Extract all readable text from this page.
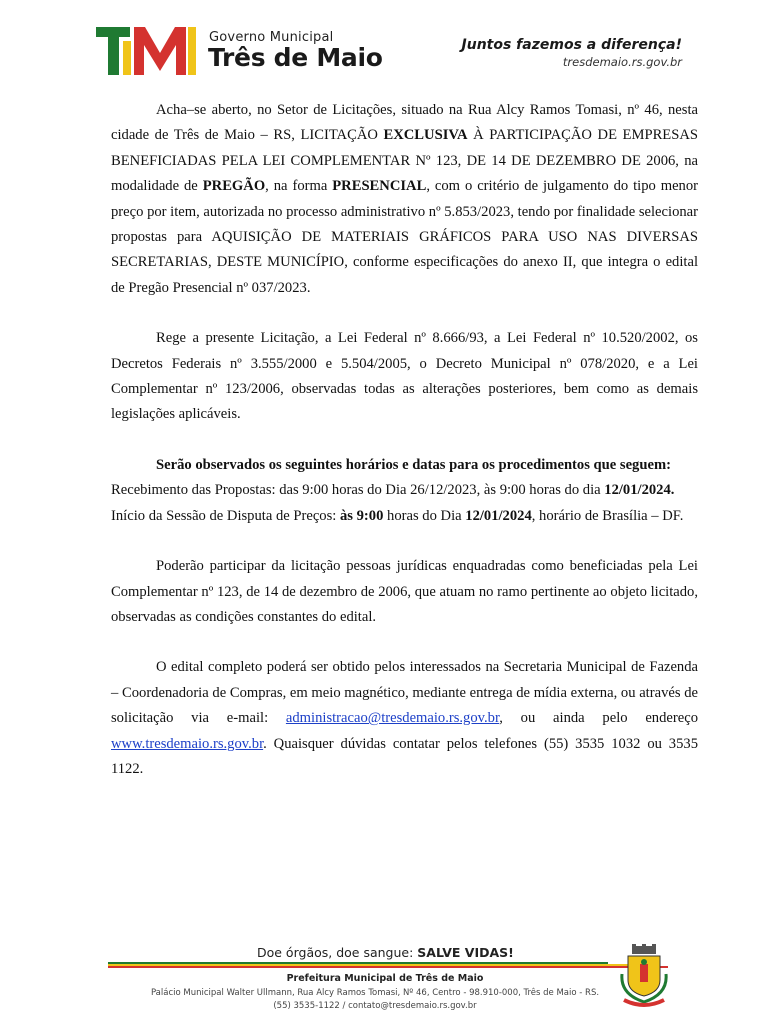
Governo Municipal
Três de Maio	Juntos fazemos a diferença!
tresdemaio.rs.gov.br

Acha–se aberto, no Setor de Licitações, situado na Rua Alcy Ramos Tomasi, nº 46, nesta cidade de Três de Maio – RS, LICITAÇÃO EXCLUSIVA À PARTICIPAÇÃO DE EMPRESAS BENEFICIADAS PELA LEI COMPLEMENTAR Nº 123, DE 14 DE DEZEMBRO DE 2006, na modalidade de PREGÃO, na forma PRESENCIAL, com o critério de julgamento do tipo menor preço por item, autorizada no processo administrativo nº 5.853/2023, tendo por finalidade selecionar propostas para AQUISIÇÃO DE MATERIAIS GRÁFICOS PARA USO NAS DIVERSAS SECRETARIAS, DESTE MUNICÍPIO, conforme especificações do anexo II, que integra o edital de Pregão Presencial nº 037/2023.

Rege a presente Licitação, a Lei Federal nº 8.666/93, a Lei Federal nº 10.520/2002, os Decretos Federais nº 3.555/2000 e 5.504/2005, o Decreto Municipal nº 078/2020, e a Lei Complementar nº 123/2006, observadas todas as alterações posteriores, bem como as demais legislações aplicáveis.

Serão observados os seguintes horários e datas para os procedimentos que seguem:

Recebimento das Propostas: das 9:00 horas do Dia 26/12/2023, às 9:00 horas do dia 12/01/2024.

Início da Sessão de Disputa de Preços: às 9:00 horas do Dia 12/01/2024, horário de Brasília – DF.

Poderão participar da licitação pessoas jurídicas enquadradas como beneficiadas pela Lei Complementar nº 123, de 14 de dezembro de 2006, que atuam no ramo pertinente ao objeto licitado, observadas as condições constantes do edital.

O edital completo poderá ser obtido pelos interessados na Secretaria Municipal de Fazenda – Coordenadoria de Compras, em meio magnético, mediante entrega de mídia externa, ou através de solicitação via e-mail: administracao@tresdemaio.rs.gov.br, ou ainda pelo endereço www.tresdemaio.rs.gov.br. Quaisquer dúvidas contatar pelos telefones (55) 3535 1032 ou 3535 1122.

Doe órgãos, doe sangue: SALVE VIDAS!
Prefeitura Municipal de Três de Maio
Palácio Municipal Walter Ullmann, Rua Alcy Ramos Tomasi, Nº 46, Centro - 98.910-000, Três de Maio - RS.
(55) 3535-1122 / contato@tresdemaio.rs.gov.br
